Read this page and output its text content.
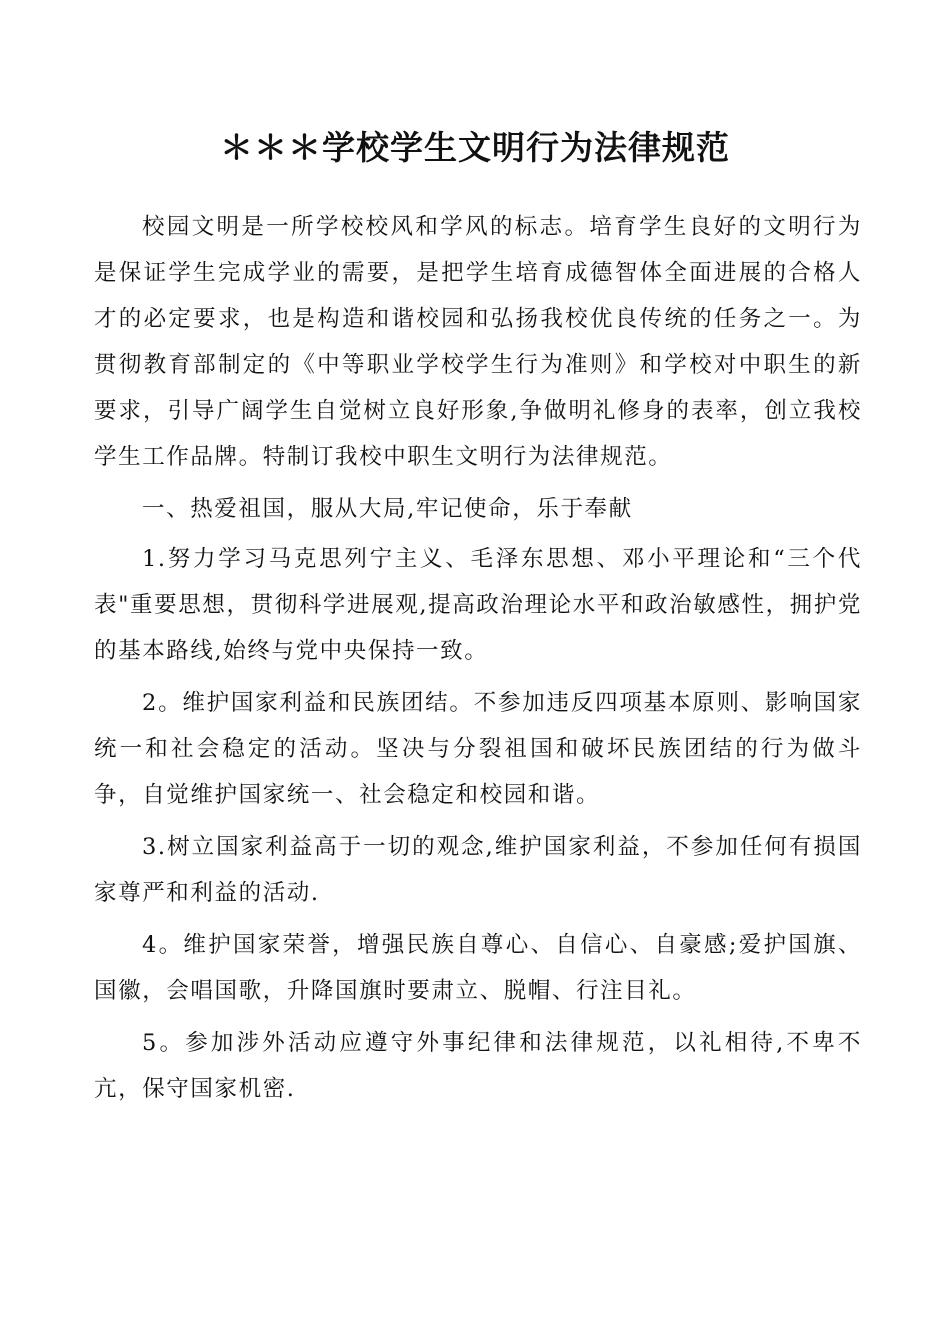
＊＊＊学校学生文明行为法律规范

校园文明是一所学校校风和学风的标志。培育学生良好的文明行为是保证学生完成学业的需要，是把学生培育成德智体全面进展的合格人才的必定要求，也是构造和谐校园和弘扬我校优良传统的任务之一。为贯彻教育部制定的《中等职业学校学生行为准则》和学校对中职生的新要求，引导广阔学生自觉树立良好形象,争做明礼修身的表率，创立我校学生工作品牌。特制订我校中职生文明行为法律规范。

一、热爱祖国，服从大局,牢记使命，乐于奉献

1.努力学习马克思列宁主义、毛泽东思想、邓小平理论和“三个代表"重要思想，贯彻科学进展观,提高政治理论水平和政治敏感性，拥护党的基本路线,始终与党中央保持一致。

2。维护国家利益和民族团结。不参加违反四项基本原则、影响国家统一和社会稳定的活动。坚决与分裂祖国和破坏民族团结的行为做斗争，自觉维护国家统一、社会稳定和校园和谐。

3.树立国家利益高于一切的观念,维护国家利益，不参加任何有损国家尊严和利益的活动.

4。维护国家荣誉，增强民族自尊心、自信心、自豪感;爱护国旗、国徽，会唱国歌，升降国旗时要肃立、脱帽、行注目礼。

5。参加涉外活动应遵守外事纪律和法律规范，以礼相待,不卑不亢，保守国家机密.
